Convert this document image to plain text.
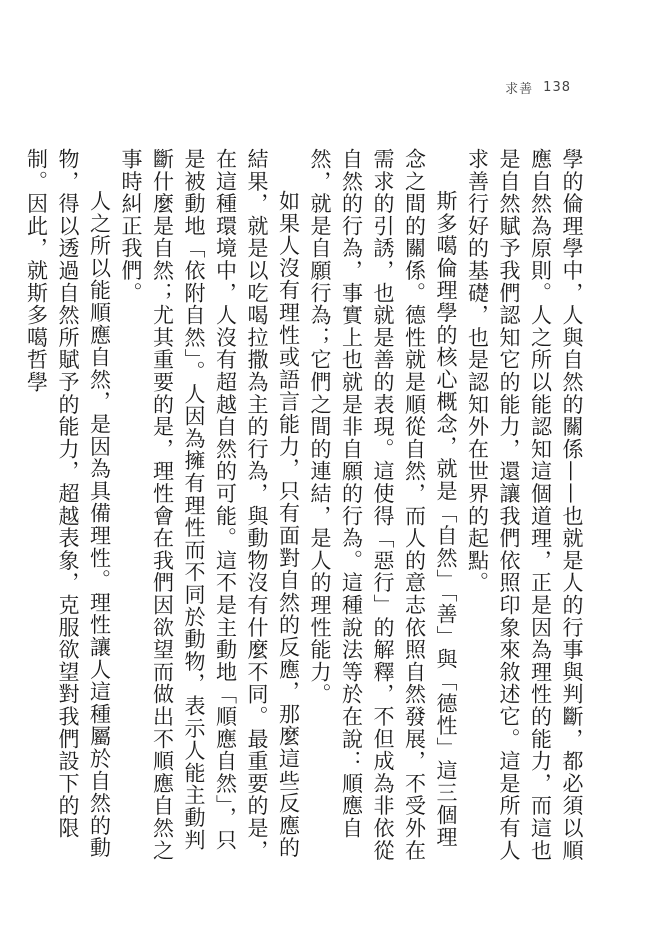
求善 138

學的倫理學中，人與自然的關係——也就是人的行事與判斷，都必須以順應自然為原則。人之所以能認知這個道理，正是因為理性的能力，而這也是自然賦予我們認知它的能力，還讓我們依照印象來敘述它。這是所有人求善行好的基礎，也是認知外在世界的起點。

斯多噶倫理學的核心概念，就是「自然」「善」與「德性」這三個理念之間的關係。德性就是順從自然，而人的意志依照自然發展，不受外在需求的引誘，也就是善的表現。這使得「惡行」的解釋，不但成為非依從自然的行為，事實上也就是非自願的行為。這種說法等於在說：順應自然，就是自願行為；它們之間的連結，是人的理性能力。

如果人沒有理性或語言能力，只有面對自然的反應，那麼這些反應的結果，就是以吃喝拉撒為主的行為，與動物沒有什麼不同。最重要的是，在這種環境中，人沒有超越自然的可能。這不是主動地「順應自然」，只是被動地「依附自然」。人因為擁有理性而不同於動物，表示人能主動判斷什麼是自然；尤其重要的是，理性會在我們因欲望而做出不順應自然之事時糾正我們。

人之所以能順應自然，是因為具備理性。理性讓人這種屬於自然的動物，得以透過自然所賦予的能力，超越表象，克服欲望對我們設下的限制。因此，就斯多噶哲學
